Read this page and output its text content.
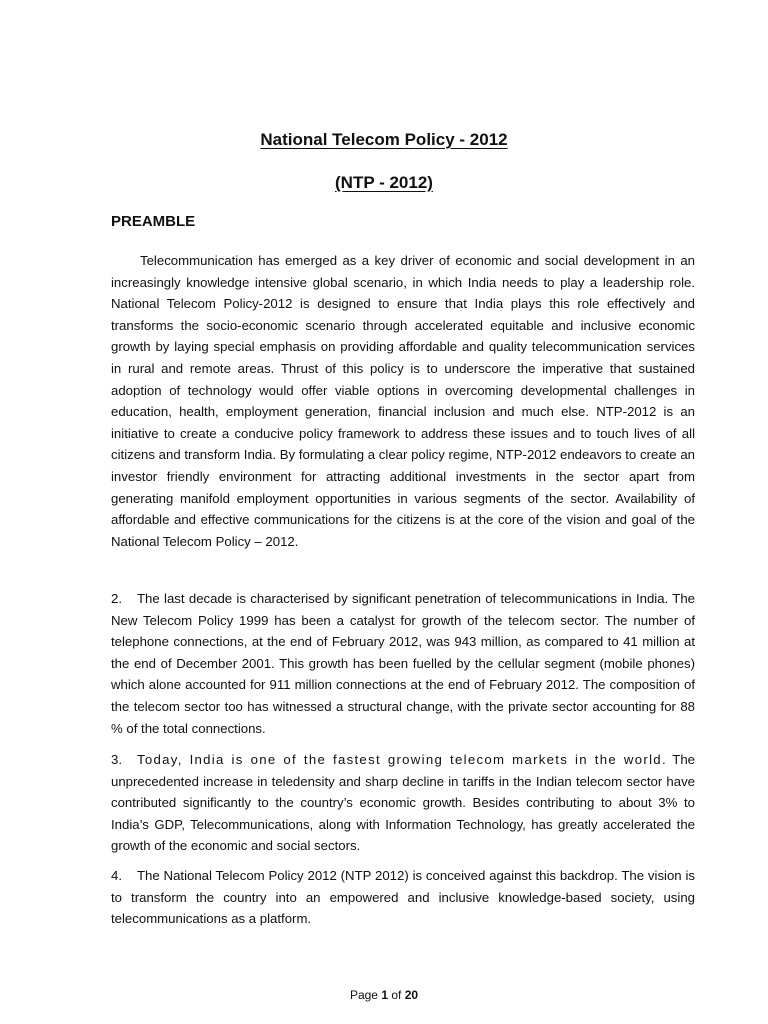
National Telecom Policy - 2012
(NTP - 2012)
PREAMBLE

Telecommunication has emerged as a key driver of economic and social development in an increasingly knowledge intensive global scenario, in which India needs to play a leadership role. National Telecom Policy-2012 is designed to ensure that India plays this role effectively and transforms the socio-economic scenario through accelerated equitable and inclusive economic growth by laying special emphasis on providing affordable and quality telecommunication services in rural and remote areas. Thrust of this policy is to underscore the imperative that sustained adoption of technology would offer viable options in overcoming developmental challenges in education, health, employment generation, financial inclusion and much else. NTP-2012 is an initiative to create a conducive policy framework to address these issues and to touch lives of all citizens and transform India. By formulating a clear policy regime, NTP-2012 endeavors to create an investor friendly environment for attracting additional investments in the sector apart from generating manifold employment opportunities in various segments of the sector. Availability of affordable and effective communications for the citizens is at the core of the vision and goal of the National Telecom Policy – 2012.

2. The last decade is characterised by significant penetration of telecommunications in India. The New Telecom Policy 1999 has been a catalyst for growth of the telecom sector. The number of telephone connections, at the end of February 2012, was 943 million, as compared to 41 million at the end of December 2001. This growth has been fuelled by the cellular segment (mobile phones) which alone accounted for 911 million connections at the end of February 2012. The composition of the telecom sector too has witnessed a structural change, with the private sector accounting for 88 % of the total connections.

3. Today, India is one of the fastest growing telecom markets in the world. The unprecedented increase in teledensity and sharp decline in tariffs in the Indian telecom sector have contributed significantly to the country’s economic growth. Besides contributing to about 3% to India’s GDP, Telecommunications, along with Information Technology, has greatly accelerated the growth of the economic and social sectors.

4. The National Telecom Policy 2012 (NTP 2012) is conceived against this backdrop. The vision is to transform the country into an empowered and inclusive knowledge-based society, using telecommunications as a platform.

Page 1 of 20
